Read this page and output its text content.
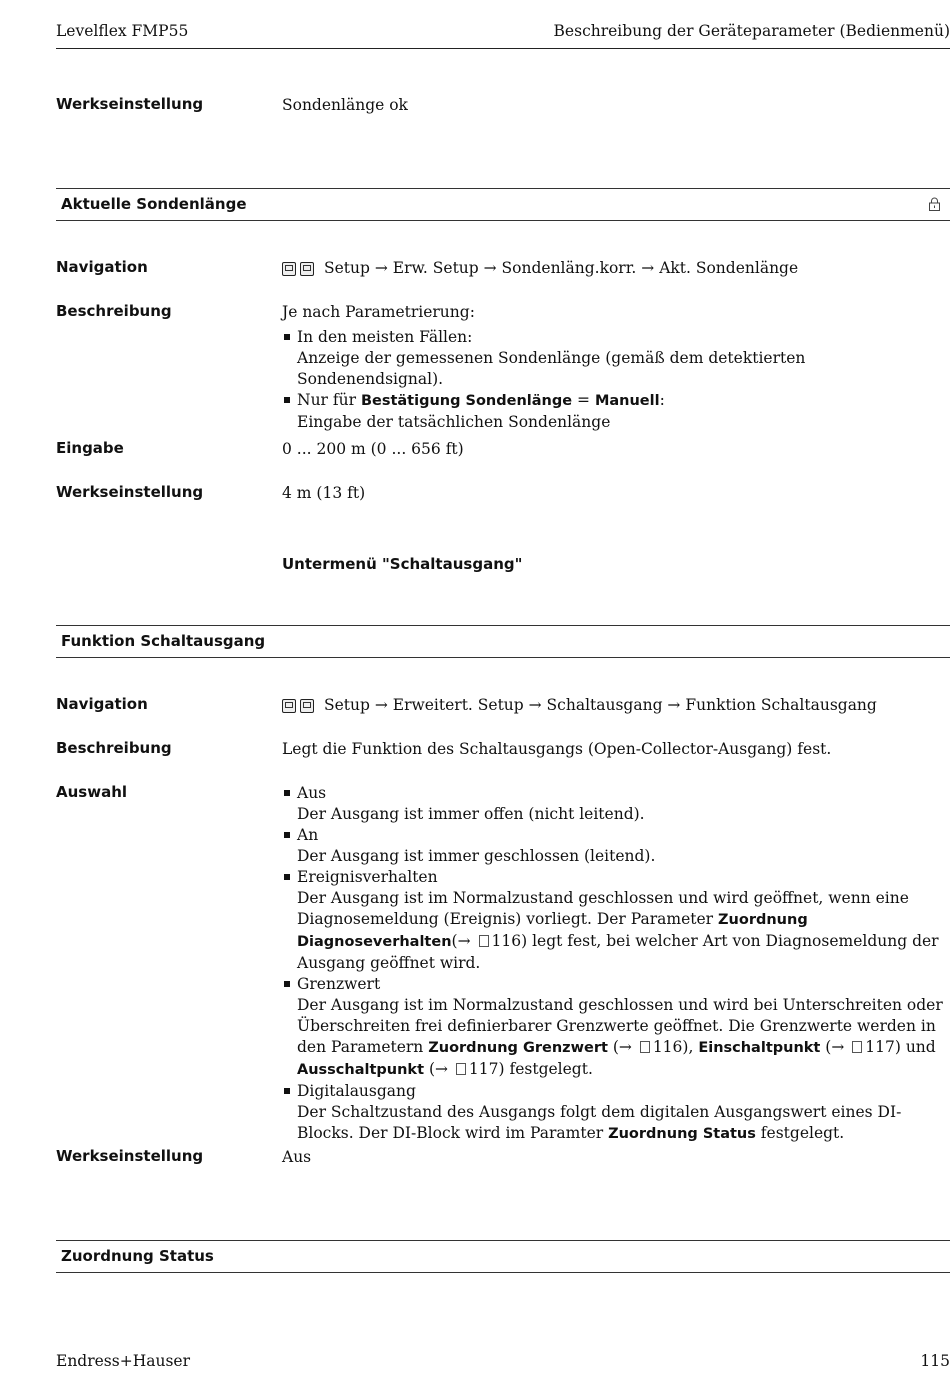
Levelflex FMP55	Beschreibung der Geräteparameter (Bedienmenü)
Werkseinstellung	Sondenlänge ok
Aktuelle Sondenlänge
Navigation	Setup → Erw. Setup → Sondenläng.korr. → Akt. Sondenlänge
Beschreibung	Je nach Parametrierung:
In den meisten Fällen:
Anzeige der gemessenen Sondenlänge (gemäß dem detektierten Sondenendsignal).
Nur für Bestätigung Sondenlänge = Manuell:
Eingabe der tatsächlichen Sondenlänge
Eingabe	0 ... 200 m (0 ... 656 ft)
Werkseinstellung	4 m (13 ft)
Untermenü "Schaltausgang"
Funktion Schaltausgang
Navigation	Setup → Erweitert. Setup → Schaltausgang → Funktion Schaltausgang
Beschreibung	Legt die Funktion des Schaltausgangs (Open-Collector-Ausgang) fest.
Auswahl	Aus
Der Ausgang ist immer offen (nicht leitend).
An
Der Ausgang ist immer geschlossen (leitend).
Ereignisverhalten
Der Ausgang ist im Normalzustand geschlossen und wird geöffnet, wenn eine Diagnosemeldung (Ereignis) vorliegt. Der Parameter Zuordnung Diagnoseverhalten(→ 116) legt fest, bei welcher Art von Diagnosemeldung der Ausgang geöffnet wird.
Grenzwert
Der Ausgang ist im Normalzustand geschlossen und wird bei Unterschreiten oder Überschreiten frei definierbarer Grenzwerte geöffnet. Die Grenzwerte werden in den Parametern Zuordnung Grenzwert (→ 116), Einschaltpunkt (→ 117) und Ausschaltpunkt (→ 117) festgelegt.
Digitalausgang
Der Schaltzustand des Ausgangs folgt dem digitalen Ausgangswert eines DI-Blocks. Der DI-Block wird im Paramter Zuordnung Status festgelegt.
Werkseinstellung	Aus
Zuordnung Status
Endress+Hauser	115
